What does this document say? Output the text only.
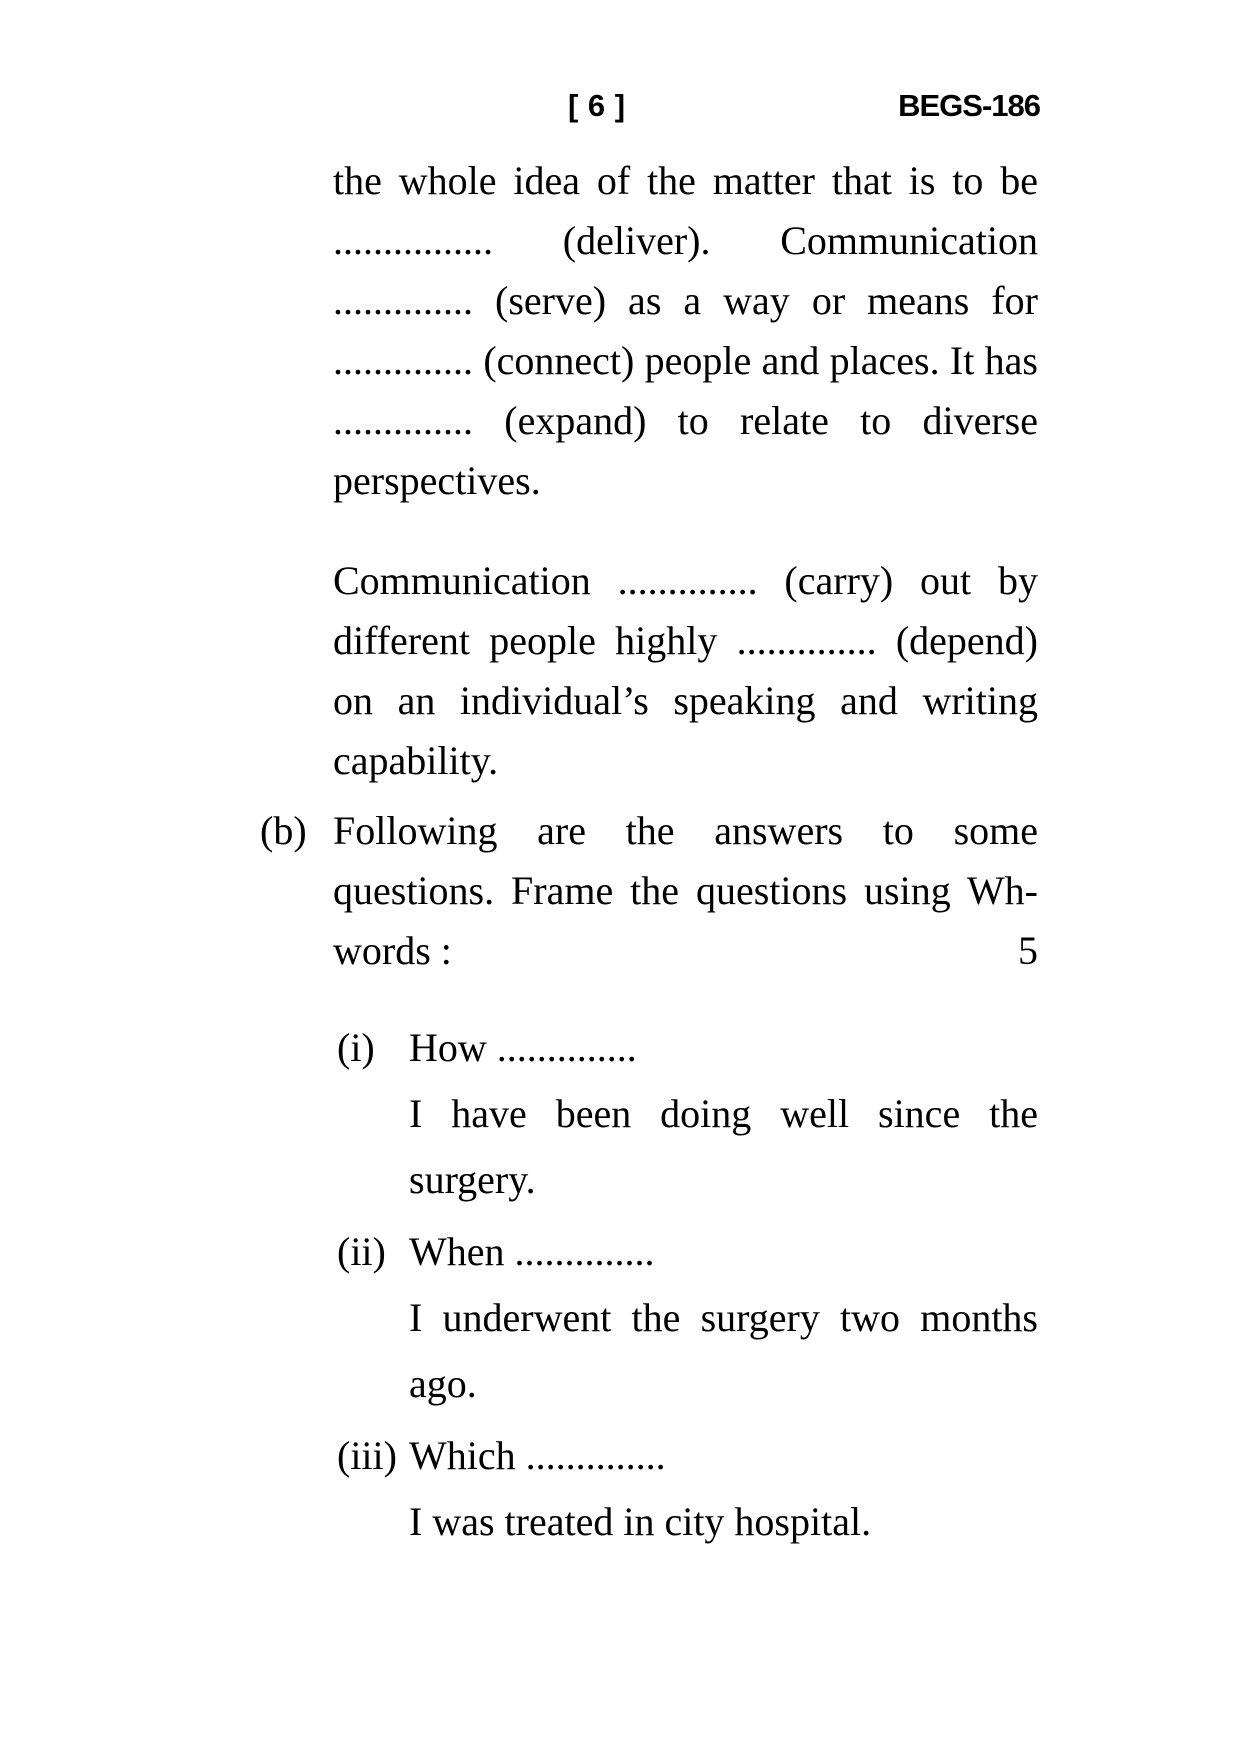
[ 6 ]	BEGS-186
the whole idea of the matter that is to be
................ (deliver). Communication
.............. (serve) as a way or means for
.............. (connect) people and places. It has
.............. (expand) to relate to diverse
perspectives.
Communication .............. (carry) out by
different people highly .............. (depend)
on an individual’s speaking and writing
capability.
(b) Following are the answers to some
questions. Frame the questions using Wh-
words :	5
(i) How ..............
I have been doing well since the
surgery.
(ii) When ..............
I underwent the surgery two months
ago.
(iii) Which ..............
I was treated in city hospital.
